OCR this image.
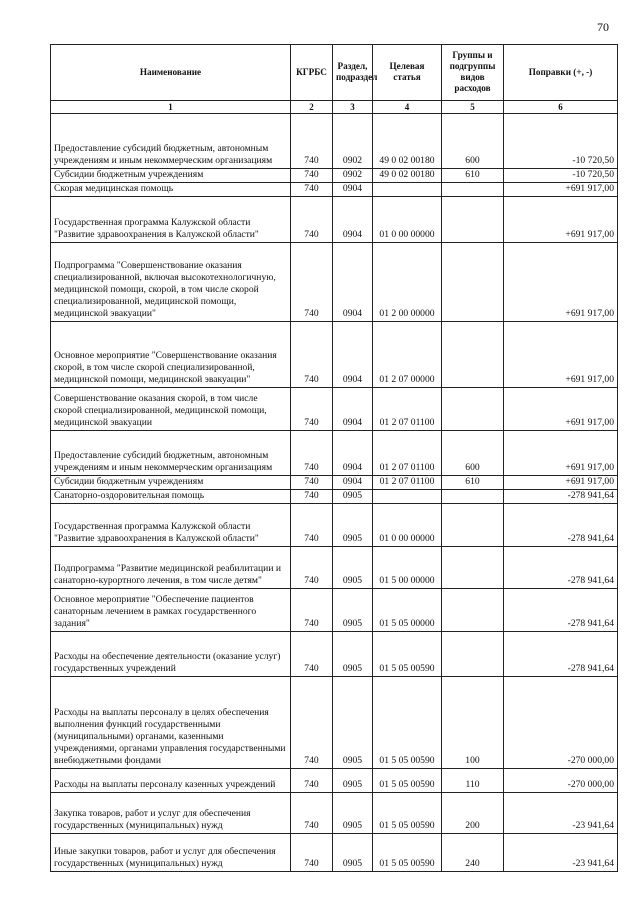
70
Наименование	КГРБС	Раздел, подраздел	Целевая статья	Группы и подгруппы видов расходов	Поправки (+, -)
1	2	3	4	5	6
Предоставление субсидий бюджетным, автономным учреждениям и иным некоммерческим организациям	740	0902	49 0 02 00180	600	-10 720,50
Субсидии бюджетным учреждениям	740	0902	49 0 02 00180	610	-10 720,50
Скорая медицинская помощь	740	0904			+691 917,00
Государственная программа Калужской области "Развитие здравоохранения в Калужской области"	740	0904	01 0 00 00000		+691 917,00
Подпрограмма "Совершенствование оказания специализированной, включая высокотехнологичную, медицинской помощи, скорой, в том числе скорой специализированной, медицинской помощи, медицинской эвакуации"	740	0904	01 2 00 00000		+691 917,00
Основное мероприятие "Совершенствование оказания скорой, в том числе скорой специализированной, медицинской помощи, медицинской эвакуации"	740	0904	01 2 07 00000		+691 917,00
Совершенствование оказания скорой, в том числе скорой специализированной, медицинской помощи, медицинской эвакуации	740	0904	01 2 07 01100		+691 917,00
Предоставление субсидий бюджетным, автономным учреждениям и иным некоммерческим организациям	740	0904	01 2 07 01100	600	+691 917,00
Субсидии бюджетным учреждениям	740	0904	01 2 07 01100	610	+691 917,00
Санаторно-оздоровительная помощь	740	0905			-278 941,64
Государственная программа Калужской области "Развитие здравоохранения в Калужской области"	740	0905	01 0 00 00000		-278 941,64
Подпрограмма "Развитие медицинской реабилитации и санаторно-курортного лечения, в том числе детям"	740	0905	01 5 00 00000		-278 941,64
Основное мероприятие "Обеспечение пациентов санаторным лечением в рамках государственного задания"	740	0905	01 5 05 00000		-278 941,64
Расходы на обеспечение деятельности (оказание услуг) государственных учреждений	740	0905	01 5 05 00590		-278 941,64
Расходы на выплаты персоналу в целях обеспечения выполнения функций государственными (муниципальными) органами, казенными учреждениями, органами управления государственными внебюджетными фондами	740	0905	01 5 05 00590	100	-270 000,00
Расходы на выплаты персоналу казенных учреждений	740	0905	01 5 05 00590	110	-270 000,00
Закупка товаров, работ и услуг для обеспечения государственных (муниципальных) нужд	740	0905	01 5 05 00590	200	-23 941,64
Иные закупки товаров, работ и услуг для обеспечения государственных (муниципальных) нужд	740	0905	01 5 05 00590	240	-23 941,64
